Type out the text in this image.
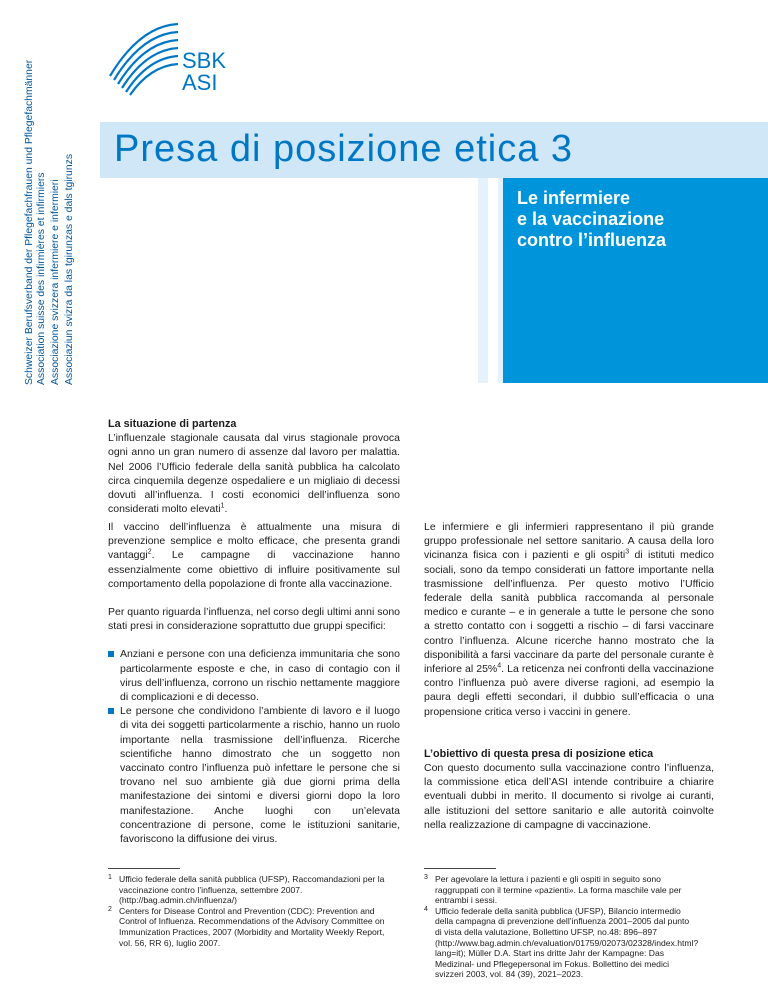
Schweizer Berufsverband der Pflegefachfrauen und Pflegefachmänner Association suisse des infirmières et infirmiers Associazione svizzera infermiere e infermieri Associaziun svizra da las tgirunzas e dals tgirunzs
SBK
ASI
Presa di posizione etica 3
Le infermiere
e la vaccinazione
contro l’influenza
La situazione di partenza

L’influenzale stagionale causata dal virus stagionale provoca ogni anno un gran numero di assenze dal lavoro per malattia. Nel 2006 l’Ufficio federale della sanità pubblica ha calcolato circa cinquemila degenze ospedaliere e un migliaio di decessi dovuti all’influenza. I costi economici dell’influenza sono considerati molto elevati$^1$.

Il vaccino dell’influenza è attualmente una misura di prevenzione semplice e molto efficace, che presenta grandi vantaggi$^2$. Le campagne di vaccinazione hanno essenzialmente come obiettivo di influire positivamente sul comportamento della popolazione di fronte alla vaccinazione.

Per quanto riguarda l’influenza, nel corso degli ultimi anni sono stati presi in considerazione soprattutto due gruppi specifici:

Anziani e persone con una deficienza immunitaria che sono particolarmente esposte e che, in caso di contagio con il virus dell’influenza, corrono un rischio nettamente maggiore di complicazioni e di decesso.
Le persone che condividono l’ambiente di lavoro e il luogo di vita dei soggetti particolarmente a rischio, hanno un ruolo importante nella trasmissione dell’influenza. Ricerche scientifiche hanno dimostrato che un soggetto non vaccinato contro l’influenza può infettare le persone che si trovano nel suo ambiente già due giorni prima della manifestazione dei sintomi e diversi giorni dopo la loro manifestazione. Anche luoghi con un’elevata concentrazione di persone, come le istituzioni sanitarie, favoriscono la diffusione dei virus.

Le infermiere e gli infermieri rappresentano il più grande gruppo professionale nel settore sanitario. A causa della loro vicinanza fisica con i pazienti e gli ospiti$^3$ di istituti medico sociali, sono da tempo considerati un fattore importante nella trasmissione dell’influenza. Per questo motivo l’Ufficio federale della sanità pubblica raccomanda al personale medico e curante – e in generale a tutte le persone che sono a stretto contatto con i soggetti a rischio – di farsi vaccinare contro l’influenza. Alcune ricerche hanno mostrato che la disponibilità a farsi vaccinare da parte del personale curante è inferiore al 25%$^4$. La reticenza nei confronti della vaccinazione contro l’influenza può avere diverse ragioni, ad esempio la paura degli effetti secondari, il dubbio sull’efficacia o una propensione critica verso i vaccini in genere.

L’obiettivo di questa presa di posizione etica

Con questo documento sulla vaccinazione contro l’influenza, la commissione etica dell’ASI intende contribuire a chiarire eventuali dubbi in merito. Il documento si rivolge ai curanti, alle istituzioni del settore sanitario e alle autorità coinvolte nella realizzazione di campagne di vaccinazione.

1 Ufficio federale della sanità pubblica (UFSP), Raccomandazioni per la vaccinazione contro l’influenza, settembre 2007. (http://bag.admin.ch/influenza/)
2 Centers for Disease Control and Prevention (CDC): Prevention and Control of Influenza. Recommendations of the Advisory Committee on Immunization Practices, 2007 (Morbidity and Mortality Weekly Report, vol. 56, RR 6), luglio 2007.
3 Per agevolare la lettura i pazienti e gli ospiti in seguito sono raggruppati con il termine «pazienti». La forma maschile vale per entrambi i sessi.
4 Ufficio federale della sanità pubblica (UFSP), Bilancio intermedio della campagna di prevenzione dell’influenza 2001–2005 dal punto di vista della valutazione, Bollettino UFSP, no.48: 896–897 (http://www.bag.admin.ch/evaluation/01759/02073/02328/index.html?lang=it); Müller D.A. Start ins dritte Jahr der Kampagne: Das Medizinal- und Pflegepersonal im Fokus. Bollettino dei medici svizzeri 2003, vol. 84 (39), 2021–2023.
